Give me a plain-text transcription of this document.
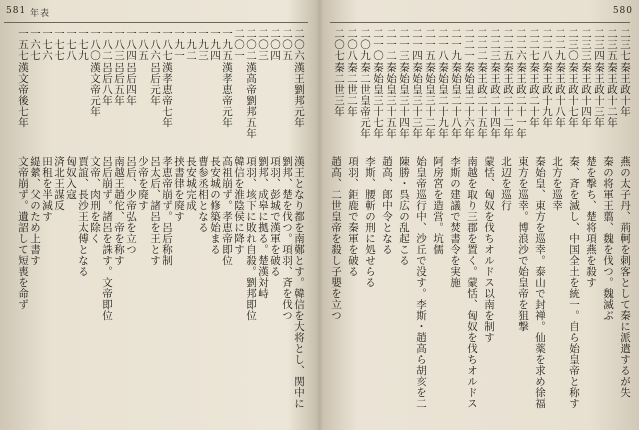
581 年表
二〇六
二〇五
二〇四
二〇三
二〇二
二〇一
一九五
一九四
一九三
一九二
一九一
一八七
一八六
一八五
一八四
一八三
一八二
一八〇
一七九
一七八
一七七
一七六
一六七
一五七
漢王劉邦元年
漢高帝劉邦五年
漢孝恵帝元年
漢孝恵帝七年
呂后元年
呂后四年
呂后五年
呂后八年
漢文帝元年
漢文帝後七年
漢王となり都を南鄭とす。韓信を大将とし、関中に
劉邦、楚を伐つ。項羽、斉を伐つ
項羽、彭城で漢軍を破る
劉邦、成皋に拠る。楚漢対峙
項羽、垓下に敗れ自殺。劉邦即位
韓信を淮陰侯に降す
高祖崩ず。孝恵帝即位
長安城の修築始まる
曹参丞相となる
長安城完成
挟書律を廃す
孝恵帝崩ず。呂后称制
呂太后、諸呂を王とす
少帝を廃す
呂后、少帝弘を立つ
南越王趙佗、帝を称す
呂后崩ず。諸呂を誅す。文帝即位
文帝、肉刑を除く
賈誼、長沙王太傅となる
匈奴入寇
済北王謀反
田租を半減す
緹縈、父のため上書す
文帝崩ず。遺詔して短喪を命ず
580
二三七
二三五
二三四
二三三
二三〇
二二九
二二八
二二七
二二六
二二五
二二三
二二二
二二一
二一九
二一八
二一五
二一四
二一三
二一二
二一〇
二〇九
二〇八
二〇七
秦王政十年
秦王政十二年
秦王政十三年
秦王政十四年
秦王政十七年
秦王政十八年
秦王政十九年
秦王政二十年
秦王政二十一年
秦王政二十二年
秦王政二十四年
秦王政二十五年
秦始皇二十六年
秦始皇二十八年
秦始皇二十九年
秦始皇三十二年
秦始皇三十三年
秦始皇三十四年
秦始皇三十五年
秦始皇三十七年
秦二世皇帝元年
秦二世二年
秦二世三年
燕の太子丹、荊軻を刺客として秦に派遣するが失
秦の将軍王翦、魏を伐つ。魏滅ぶ
楚を撃ち、楚将項燕を殺す
秦、斉を滅し、中国全土を統一。自ら始皇帝と称す
北方を巡幸
秦始皇、東方を巡幸。泰山で封禅。仙薬を求め徐福
東方を巡幸。博浪沙で始皇帝を狙撃
北辺を巡行
蒙恬、匈奴を伐ちオルドス以南を制す
南越を取り三郡を置く。蒙恬、匈奴を伐ちオルドス
李斯の建議で焚書令を実施
阿房宮を造営。坑儒
始皇帝巡行中、沙丘で没す。李斯・趙高ら胡亥を二
陳勝・呉広の乱起こる
趙高、郎中令となる
李斯、腰斬の刑に処せらる
項羽、鉅鹿で秦軍を破る
趙高、二世皇帝を殺し子嬰を立つ
